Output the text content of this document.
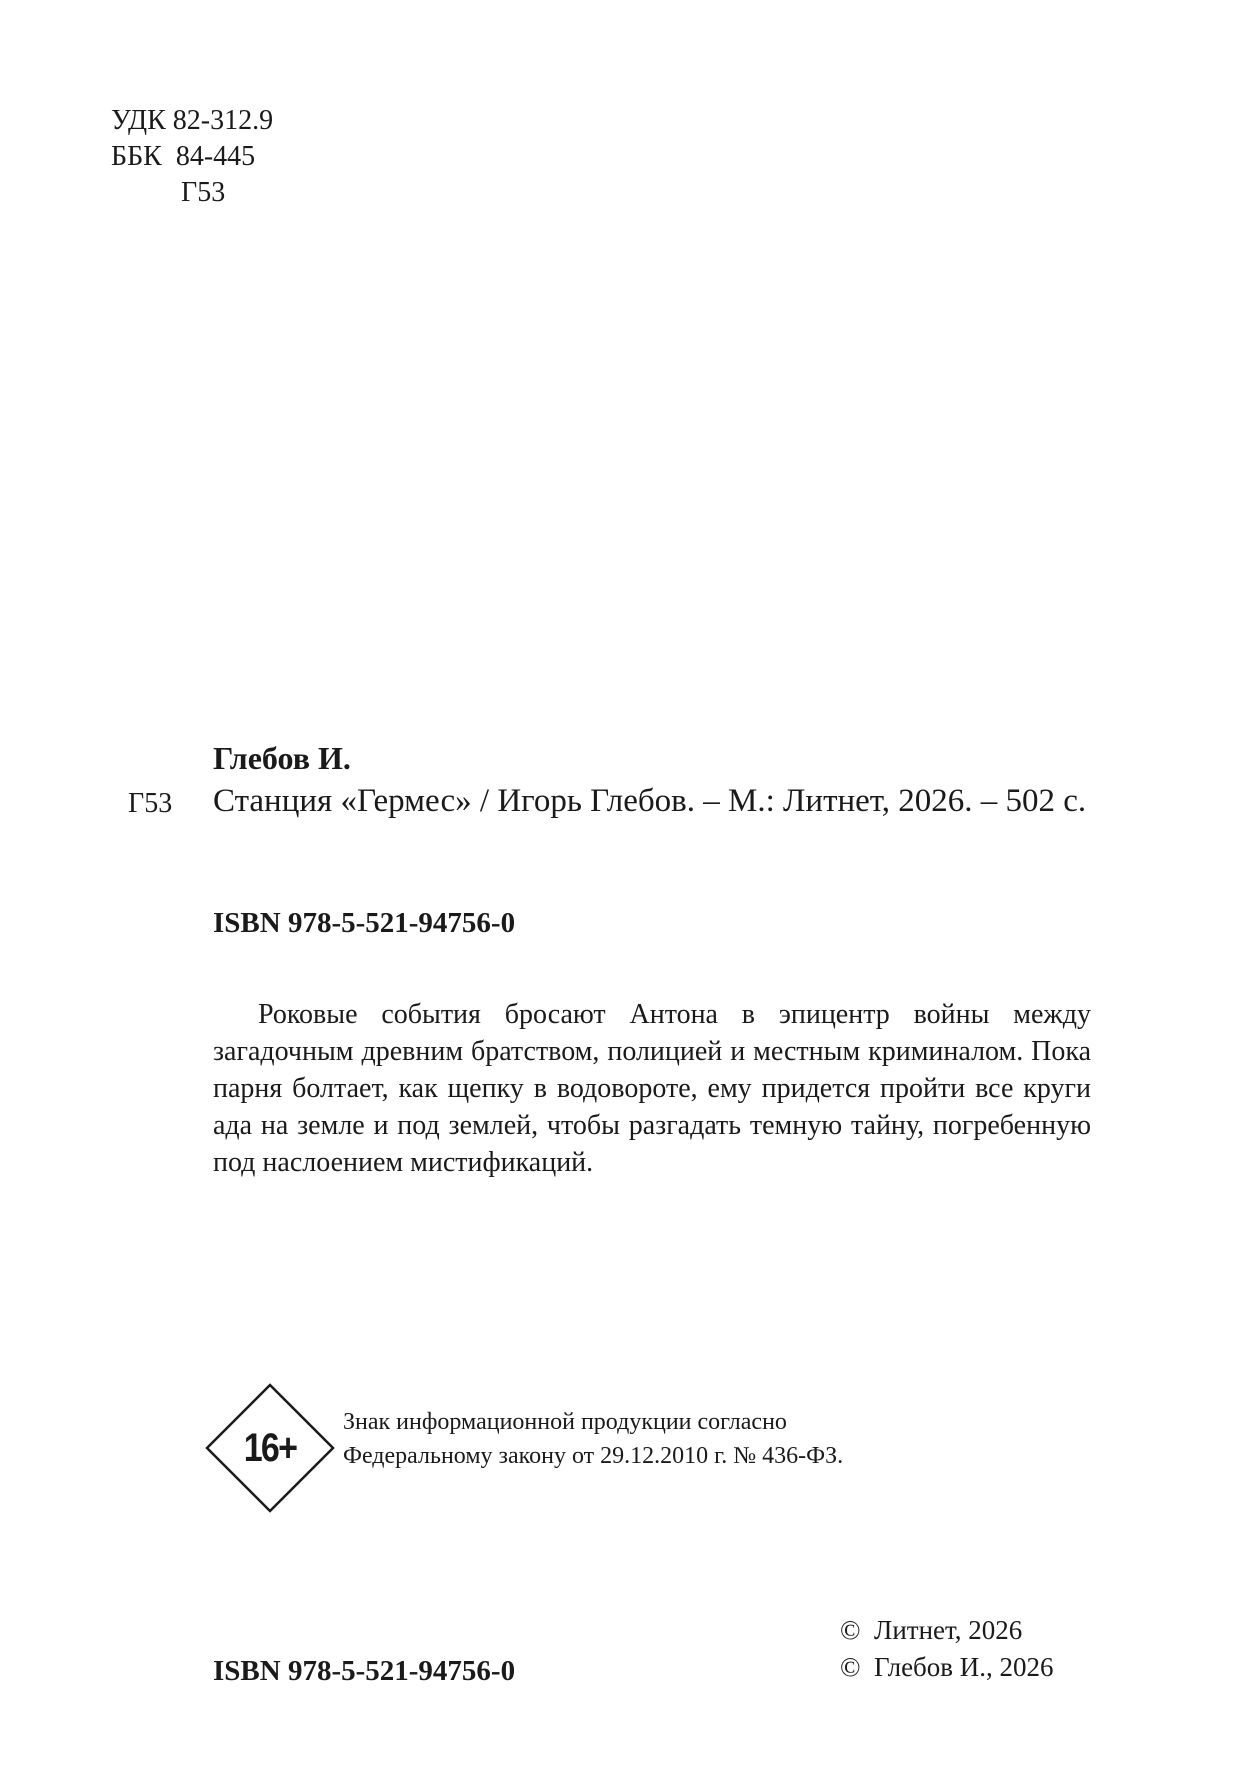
УДК 82-312.9
ББК  84-445
Г53
Глебов И.
Г53 Станция «Гермес» / Игорь Глебов. – М.: Литнет, 2026. – 502 с.
ISBN 978-5-521-94756-0
Роковые события бросают Антона в эпицентр войны между загадочным древним братством, полицией и местным криминалом. Пока парня болтает, как щепку в водовороте, ему придется пройти все круги ада на земле и под землей, чтобы разгадать темную тайну, погребенную под наслоением мистификаций.
16+
Знак информационной продукции согласно
Федеральному закону от 29.12.2010 г. № 436-ФЗ.
ISBN 978-5-521-94756-0
©  Литнет, 2026
©  Глебов И., 2026
